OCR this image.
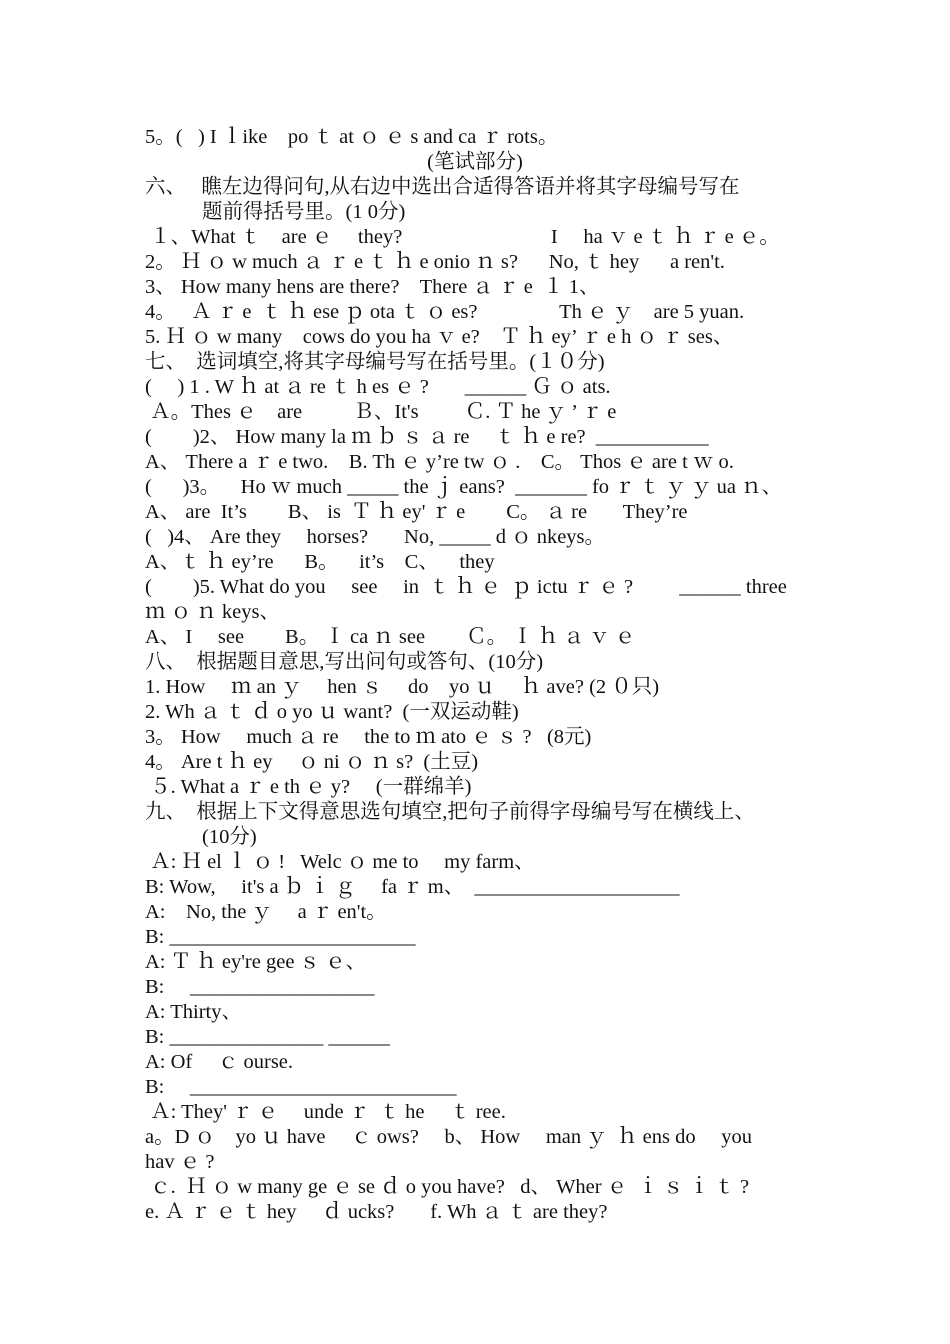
5。(   ) I ｌike    po ｔ at ｏ ｅ s and ca ｒ rots。
(笔试部分)
六、   瞧左边得问句,从右边中选出合适得答语并将其字母编号写在
题前得括号里。(1 0分)
１、What ｔ    are ｅ     they?                             I     ha ｖ e ｔ ｈ ｒ e ｅ。
2。 Ｈ ｏ w much ａ ｒ e ｔ ｈ e onio ｎ s?      No, ｔ hey      a ren't.
3、 How many hens are there?    There ａ ｒ e  １ 1、
4。   Ａ ｒ e  ｔ ｈ ese ｐ ota ｔ ｏ es?                Th ｅ ｙ    are 5 yuan.
5. Ｈ ｏ w many    cows do you ha ｖ e?    Ｔ ｈ ey’ ｒ e h ｏ ｒ ses、
七、  选词填空,将其字母编号写在括号里。(１０分)
(     ) 1 . W ｈ at ａ re ｔ h es ｅ ?       ______ Ｇ ｏ ats.
Ａ。Thes ｅ    are          Ｂ、It's         Ｃ. Ｔ he ｙ ’ ｒ e
(        )2、 How many la ｍ ｂ ｓ ａ re     ｔ ｈ e re?  ___________
A、 There a ｒ e two.    B. Th ｅ y’re tw ｏ .    C。 Thos ｅ are t ｗ o.
(      )3。    Ho ｗ much _____ the ｊ eans?  _______ fo ｒ ｔ ｙ ｙ ua ｎ、
A、 are  It’s        B、 is  Ｔ ｈ ey' ｒ e        C。 ａ re       They’re
(   )4、 Are they     horses?       No, _____ d ｏ nkeys。
A、ｔ ｈ ey’re      B。    it’s    C、    they
(        )5. What do you     see     in  ｔ ｈ ｅ  ｐ ictu ｒ ｅ ?         ______ three
ｍ ｏ ｎ keys、
A、 I     see        B。 Ｉ ca ｎ see        Ｃ。 Ｉ ｈ ａ ｖ ｅ
八、  根据题目意思,写出问句或答句、(10分)
1. How     ｍ an ｙ     hen ｓ     do    yo ｕ     ｈ ave? (2 ０只)
2. Wh ａ ｔ ｄ o yo ｕ want?  (一双运动鞋)
3。 How     much ａ re     the to ｍ ato ｅ ｓ ?   (8元)
4。 Are t ｈ ey     ｏ ni ｏ ｎ s?  (土豆)
５. What a ｒ e th ｅ y?     (一群绵羊)
九、  根据上下文得意思选句填空,把句子前得字母编号写在横线上、
(10分)
Ａ: Ｈ el ｌ ｏ !   Welc ｏ me to     my farm、
B: Wow,     it's a ｂ ｉ ｇ     fa ｒ m、  ____________________
A:    No, the ｙ     a ｒ en't。
B: ________________________
A: Ｔ ｈ ey're gee ｓ ｅ、
B:     __________________
A: Thirty、
B: _______________ ______
A: Of     ｃ ourse.
B:     __________________________
Ａ: They' ｒ ｅ     unde ｒ  ｔ he     ｔ ree.
a。D ｏ    yo ｕ have     ｃ ows?     b、 How     man ｙ  ｈ ens do     you
hav ｅ ?
ｃ.  Ｈ ｏ w many ge ｅ se ｄ o you have?   d、 Wher ｅ  ｉ ｓ ｉ ｔ ?
e. Ａ ｒ ｅ ｔ hey     ｄ ucks?       f. Wh ａ ｔ are they?
